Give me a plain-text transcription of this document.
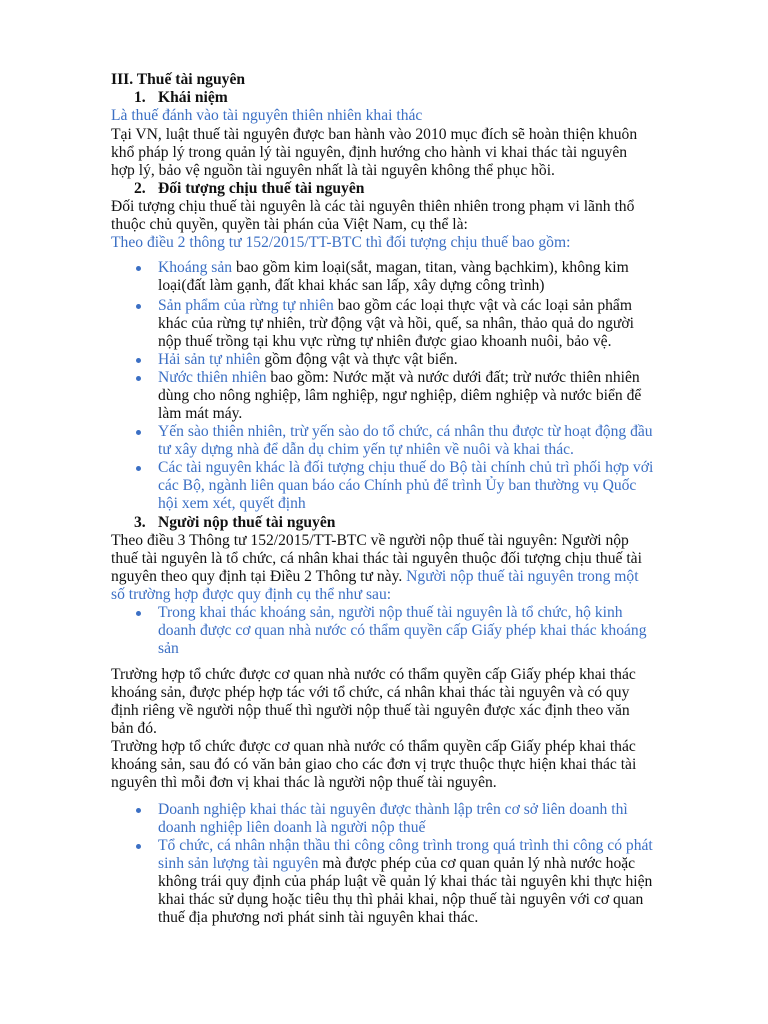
III. Thuế tài nguyên
1. Khái niệm
Là thuế đánh vào tài nguyên thiên nhiên khai thác
Tại VN, luật thuế tài nguyên được ban hành vào 2010 mục đích sẽ hoàn thiện khuôn
khổ pháp lý trong quản lý tài nguyên, định hướng cho hành vi khai thác tài nguyên
hợp lý, bảo vệ nguồn tài nguyên nhất là tài nguyên không thể phục hồi.
2. Đối tượng chịu thuế tài nguyên
Đối tượng chịu thuế tài nguyên là các tài nguyên thiên nhiên trong phạm vi lãnh thổ
thuộc chủ quyền, quyền tài phán của Việt Nam, cụ thể là:
Theo điều 2 thông tư 152/2015/TT-BTC thì đối tượng chịu thuế bao gồm:
Khoáng sản bao gồm kim loại(sắt, magan, titan, vàng bạchkim), không kim
loại(đất làm gạnh, đất khai khác san lấp, xây dựng công trình)
Sản phẩm của rừng tự nhiên bao gồm các loại thực vật và các loại sản phẩm
khác của rừng tự nhiên, trừ động vật và hồi, quế, sa nhân, thảo quả do người
nộp thuế trồng tại khu vực rừng tự nhiên được giao khoanh nuôi, bảo vệ.
Hải sản tự nhiên gồm động vật và thực vật biển.
Nước thiên nhiên bao gồm: Nước mặt và nước dưới đất; trừ nước thiên nhiên
dùng cho nông nghiệp, lâm nghiệp, ngư nghiệp, diêm nghiệp và nước biển để
làm mát máy.
Yến sào thiên nhiên, trừ yến sào do tổ chức, cá nhân thu được từ hoạt động đầu
tư xây dựng nhà để dẫn dụ chim yến tự nhiên về nuôi và khai thác.
Các tài nguyên khác là đối tượng chịu thuế do Bộ tài chính chủ trì phối hợp với
các Bộ, ngành liên quan báo cáo Chính phủ để trình Ủy ban thường vụ Quốc
hội xem xét, quyết định
3. Người nộp thuế tài nguyên
Theo điều 3 Thông tư 152/2015/TT-BTC về người nộp thuế tài nguyên: Người nộp
thuế tài nguyên là tổ chức, cá nhân khai thác tài nguyên thuộc đối tượng chịu thuế tài
nguyên theo quy định tại Điều 2 Thông tư này. Người nộp thuế tài nguyên trong một
số trường hợp được quy định cụ thể như sau:
Trong khai thác khoáng sản, người nộp thuế tài nguyên là tổ chức, hộ kinh
doanh được cơ quan nhà nước có thẩm quyền cấp Giấy phép khai thác khoáng
sản
Trường hợp tổ chức được cơ quan nhà nước có thẩm quyền cấp Giấy phép khai thác
khoáng sản, được phép hợp tác với tổ chức, cá nhân khai thác tài nguyên và có quy
định riêng về người nộp thuế thì người nộp thuế tài nguyên được xác định theo văn
bản đó.
Trường hợp tổ chức được cơ quan nhà nước có thẩm quyền cấp Giấy phép khai thác
khoáng sản, sau đó có văn bản giao cho các đơn vị trực thuộc thực hiện khai thác tài
nguyên thì mỗi đơn vị khai thác là người nộp thuế tài nguyên.
Doanh nghiệp khai thác tài nguyên được thành lập trên cơ sở liên doanh thì
doanh nghiệp liên doanh là người nộp thuế
Tổ chức, cá nhân nhận thầu thi công công trình trong quá trình thi công có phát
sinh sản lượng tài nguyên mà được phép của cơ quan quản lý nhà nước hoặc
không trái quy định của pháp luật về quản lý khai thác tài nguyên khi thực hiện
khai thác sử dụng hoặc tiêu thụ thì phải khai, nộp thuế tài nguyên với cơ quan
thuế địa phương nơi phát sinh tài nguyên khai thác.
